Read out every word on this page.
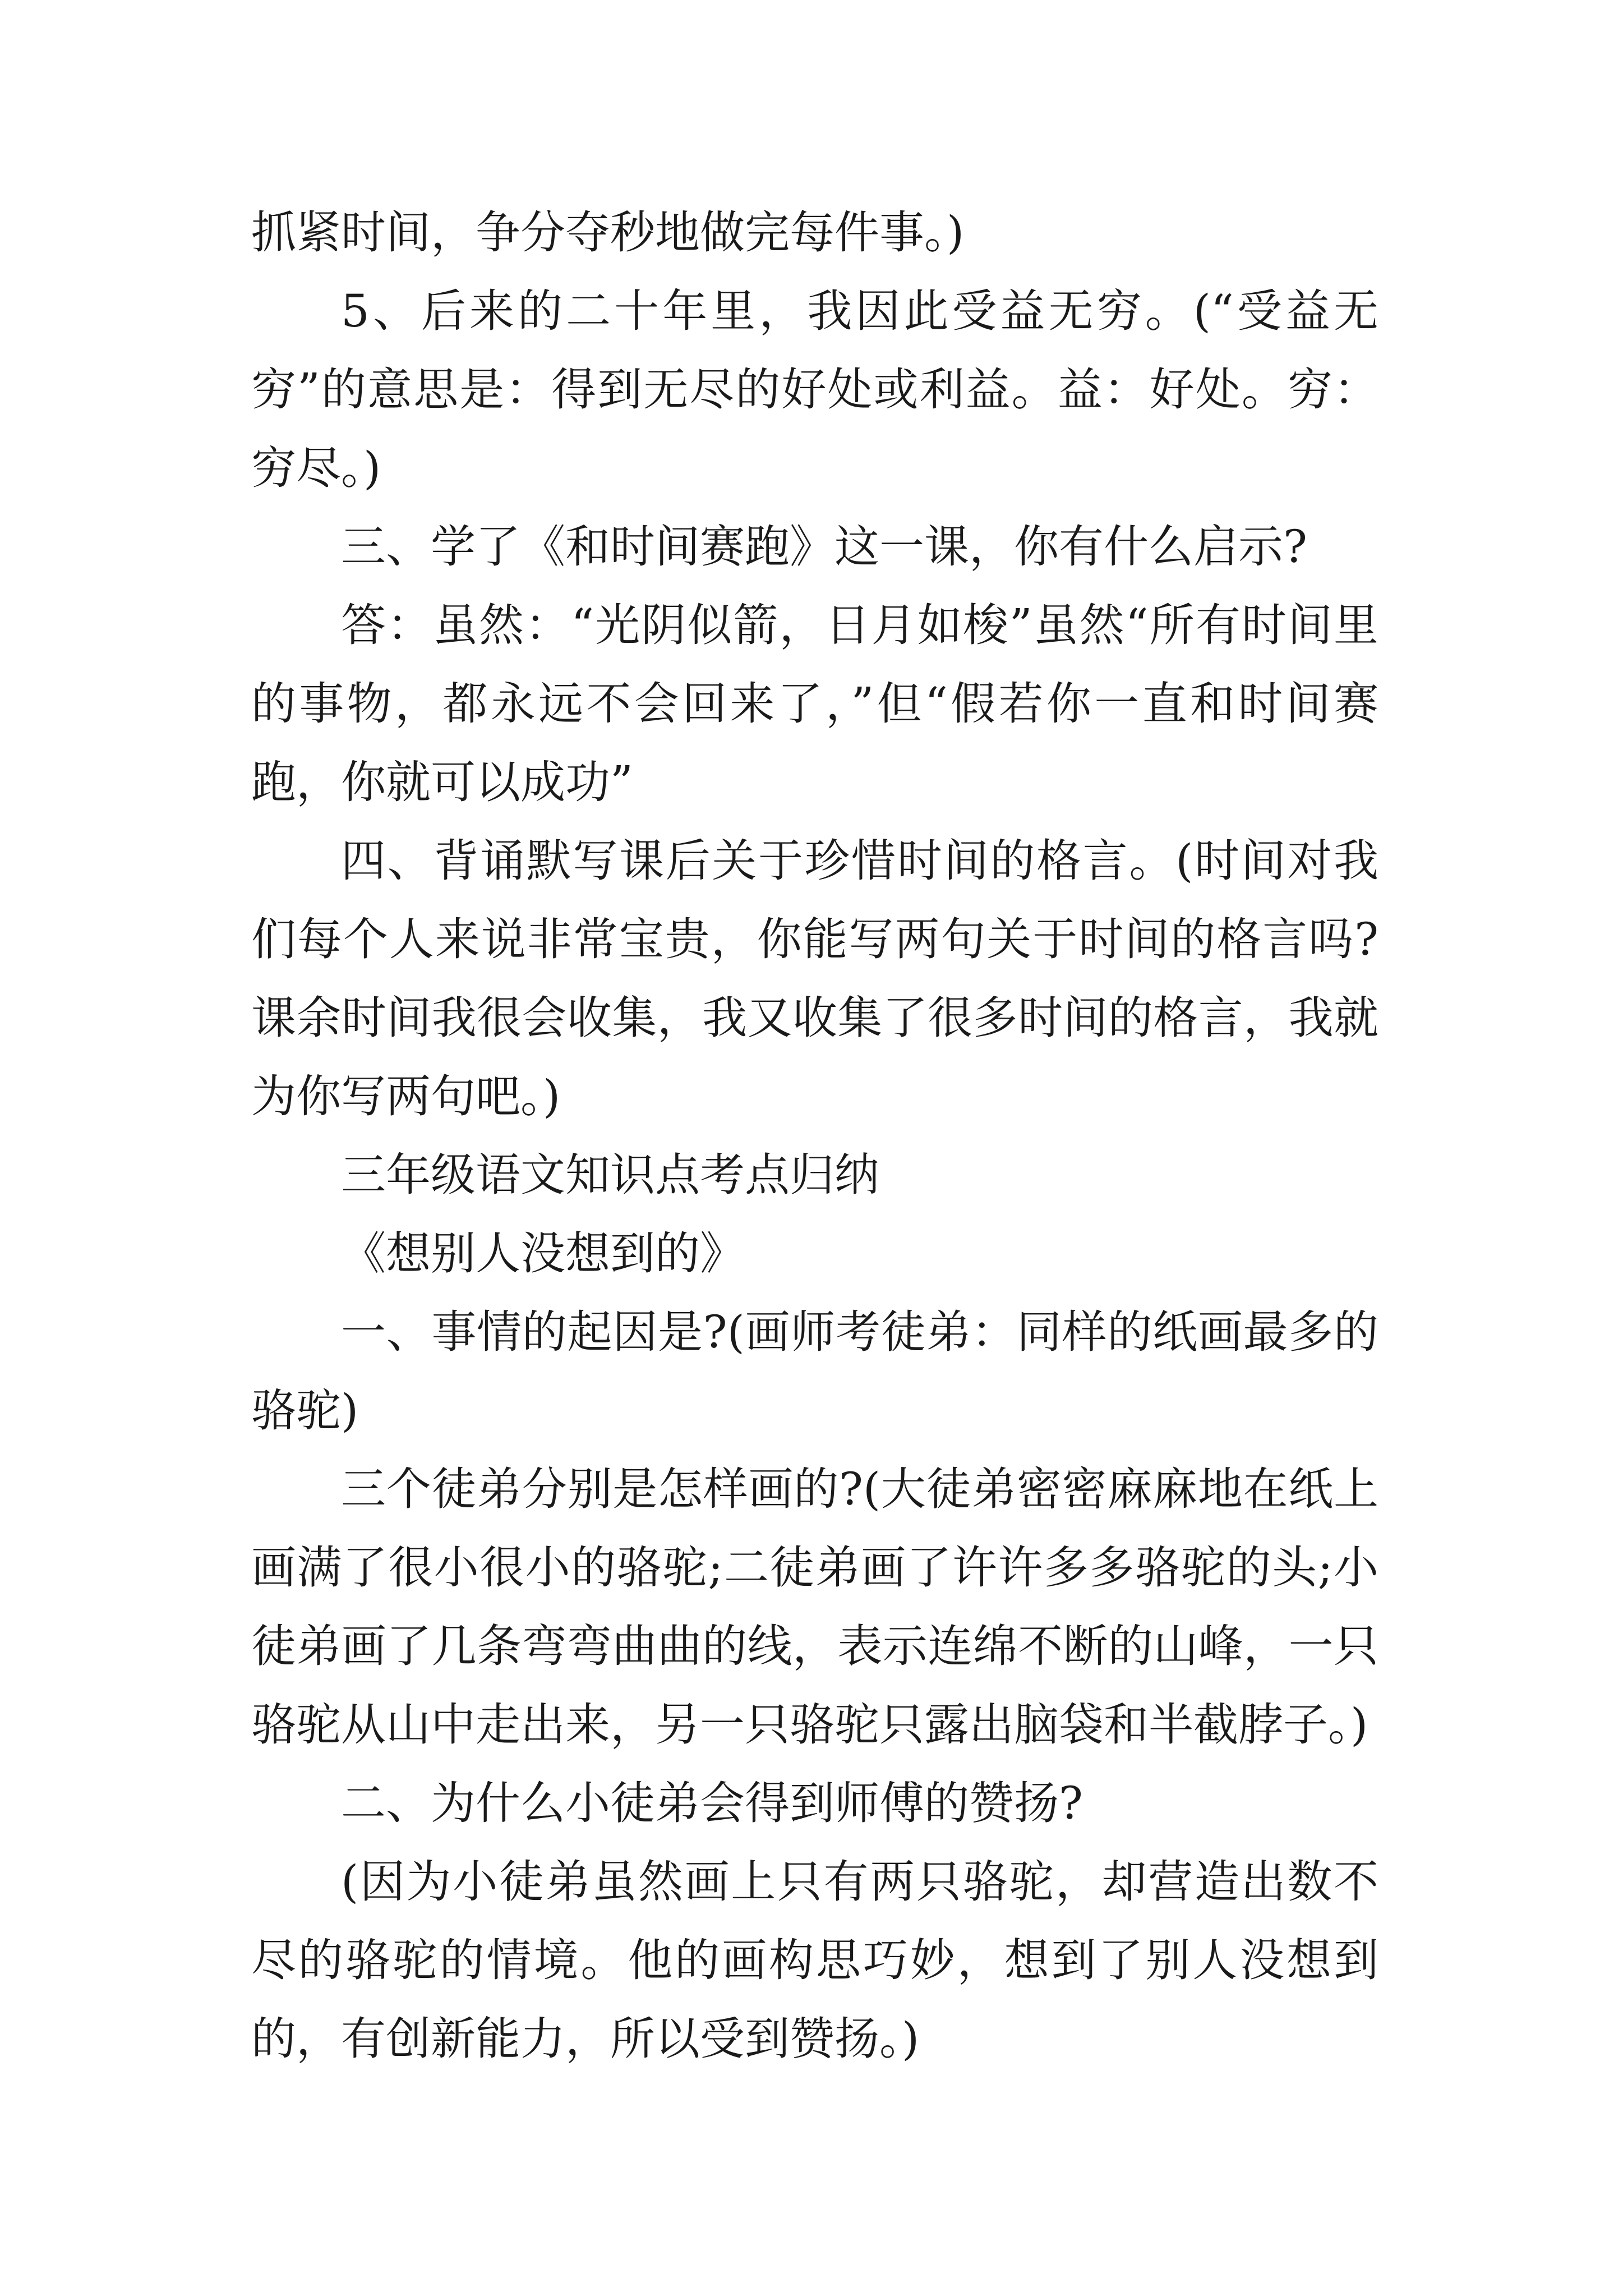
抓紧时间，争分夺秒地做完每件事。)

5、后来的二十年里，我因此受益无穷。(“受益无穷”的意思是：得到无尽的好处或利益。益：好处。穷：穷尽。)

三、学了《和时间赛跑》这一课，你有什么启示?

答：虽然：“光阴似箭，日月如梭”虽然“所有时间里的事物，都永远不会回来了，”但“假若你一直和时间赛跑，你就可以成功”

四、背诵默写课后关于珍惜时间的格言。(时间对我们每个人来说非常宝贵，你能写两句关于时间的格言吗?课余时间我很会收集，我又收集了很多时间的格言，我就为你写两句吧。)

三年级语文知识点考点归纳

《想别人没想到的》

一、事情的起因是?(画师考徒弟：同样的纸画最多的骆驼)

三个徒弟分别是怎样画的?(大徒弟密密麻麻地在纸上画满了很小很小的骆驼;二徒弟画了许许多多骆驼的头;小徒弟画了几条弯弯曲曲的线，表示连绵不断的山峰，一只骆驼从山中走出来，另一只骆驼只露出脑袋和半截脖子。)

二、为什么小徒弟会得到师傅的赞扬?

(因为小徒弟虽然画上只有两只骆驼，却营造出数不尽的骆驼的情境。他的画构思巧妙，想到了别人没想到的，有创新能力，所以受到赞扬。)
